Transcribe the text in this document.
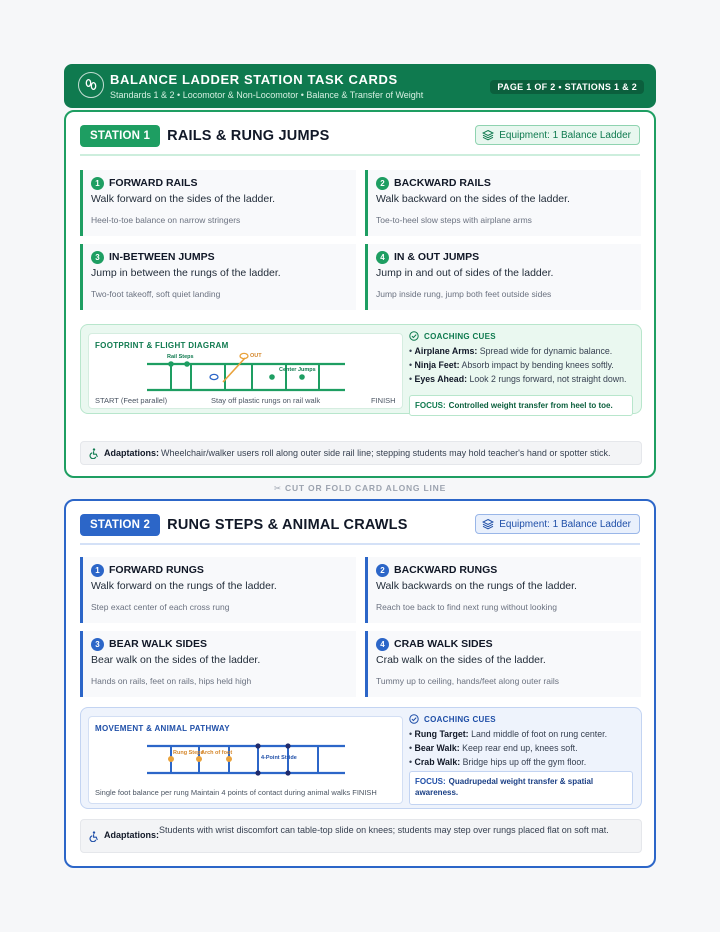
BALANCE LADDER STATION TASK CARDS
Standards 1 & 2 • Locomotor & Non-Locomotor • Balance & Transfer of Weight
PAGE 1 OF 2 • STATIONS 1 & 2
STATION 1	RAILS & RUNG JUMPS	Equipment: 1 Balance Ladder
1 FORWARD RAILS
Walk forward on the sides of the ladder.
Heel-to-toe balance on narrow stringers
2 BACKWARD RAILS
Walk backward on the sides of the ladder.
Toe-to-heel slow steps with airplane arms
3 IN-BETWEEN JUMPS
Jump in between the rungs of the ladder.
Two-foot takeoff, soft quiet landing
4 IN & OUT JUMPS
Jump in and out of sides of the ladder.
Jump inside rung, jump both feet outside sides
FOOTPRINT & FLIGHT DIAGRAM
Rail Steps	OUT
Center Jumps
START (Feet parallel)	Stay off plastic rungs on rail walk	FINISH
COACHING CUES
• Airplane Arms: Spread wide for dynamic balance.
• Ninja Feet: Absorb impact by bending knees softly.
• Eyes Ahead: Look 2 rungs forward, not straight down.
FOCUS: Controlled weight transfer from heel to toe.
Adaptations: Wheelchair/walker users roll along outer side rail line; stepping students may hold teacher's hand or spotter stick.
✂ CUT OR FOLD CARD ALONG LINE
STATION 2	RUNG STEPS & ANIMAL CRAWLS	Equipment: 1 Balance Ladder
1 FORWARD RUNGS
Walk forward on the rungs of the ladder.
Step exact center of each cross rung
2 BACKWARD RUNGS
Walk backwards on the rungs of the ladder.
Reach toe back to find next rung without looking
3 BEAR WALK SIDES
Bear walk on the sides of the ladder.
Hands on rails, feet on rails, hips held high
4 CRAB WALK SIDES
Crab walk on the sides of the ladder.
Tummy up to ceiling, hands/feet along outer rails
MOVEMENT & ANIMAL PATHWAY
Rung Steps
Arch of foot
4-Point Stride
Single foot balance per rung Maintain 4 points of contact during animal walks FINISH
COACHING CUES
• Rung Target: Land middle of foot on rung center.
• Bear Walk: Keep rear end up, knees soft.
• Crab Walk: Bridge hips up off the gym floor.
FOCUS: Quadrupedal weight transfer & spatial awareness.
Adaptations: Students with wrist discomfort can table-top slide on knees; students may step over rungs placed flat on soft mat.
